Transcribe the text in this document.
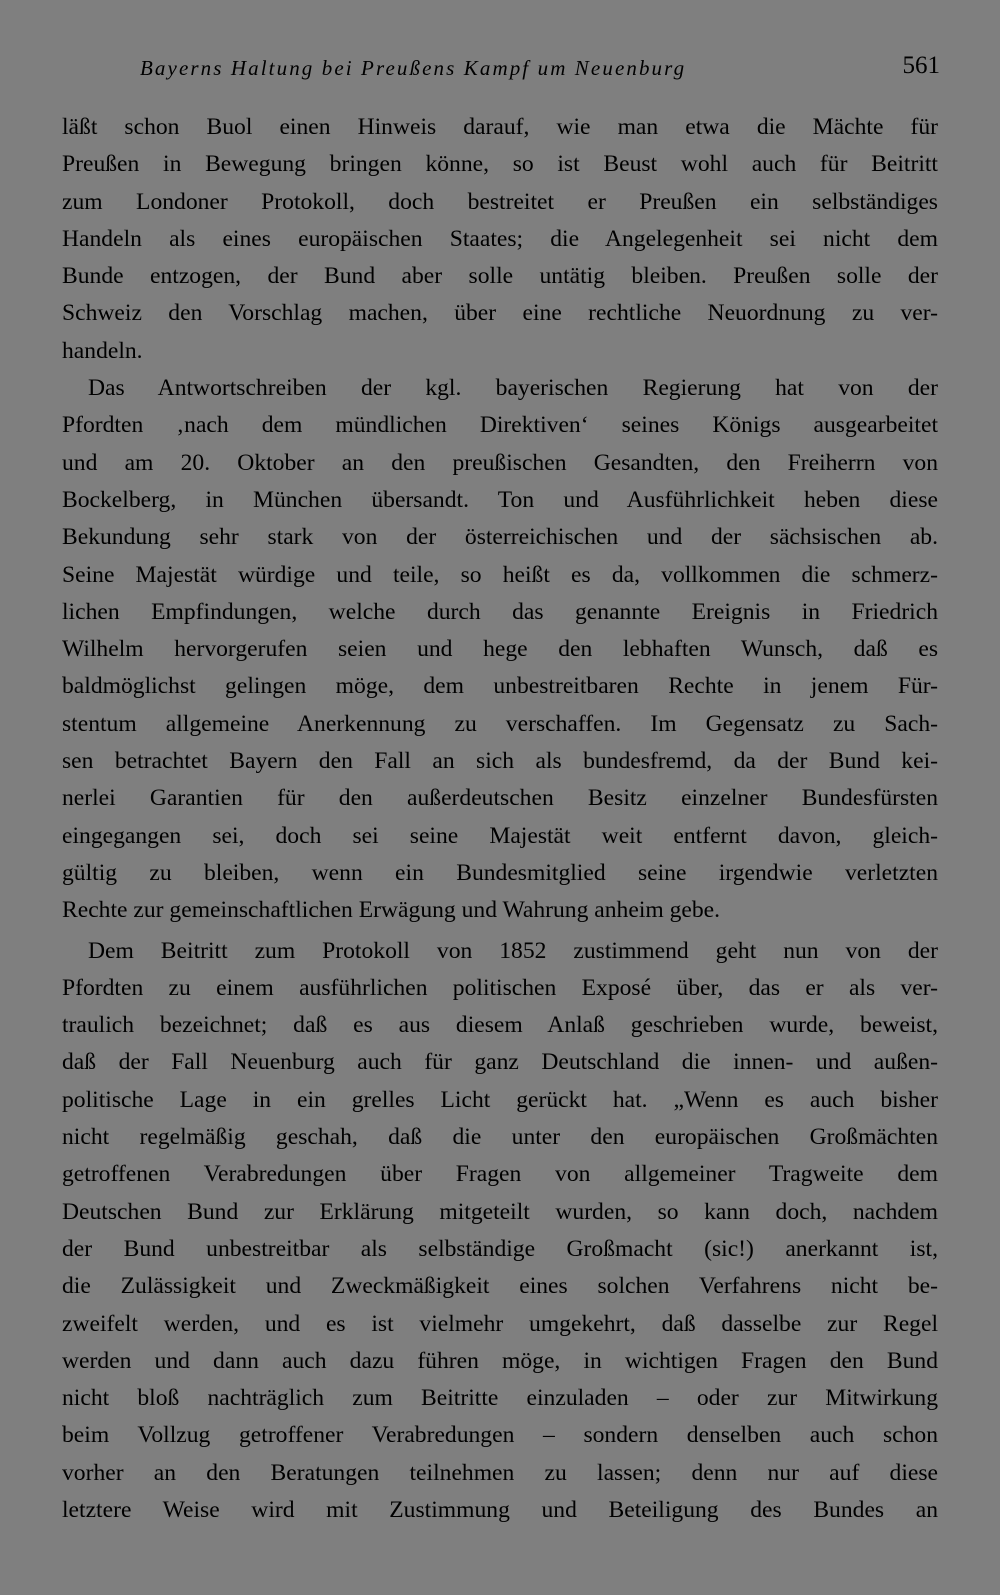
Bayerns Haltung bei Preußens Kampf um Neuenburg	561
läßt schon Buol einen Hinweis darauf, wie man etwa die Mächte für
Preußen in Bewegung bringen könne, so ist Beust wohl auch für Beitritt
zum Londoner Protokoll, doch bestreitet er Preußen ein selbständiges
Handeln als eines europäischen Staates; die Angelegenheit sei nicht dem
Bunde entzogen, der Bund aber solle untätig bleiben. Preußen solle der
Schweiz den Vorschlag machen, über eine rechtliche Neuordnung zu ver-
handeln.
Das Antwortschreiben der kgl. bayerischen Regierung hat von der
Pfordten ‚nach dem mündlichen Direktiven‘ seines Königs ausgearbeitet
und am 20. Oktober an den preußischen Gesandten, den Freiherrn von
Bockelberg, in München übersandt. Ton und Ausführlichkeit heben diese
Bekundung sehr stark von der österreichischen und der sächsischen ab.
Seine Majestät würdige und teile, so heißt es da, vollkommen die schmerz-
lichen Empfindungen, welche durch das genannte Ereignis in Friedrich
Wilhelm hervorgerufen seien und hege den lebhaften Wunsch, daß es
baldmöglichst gelingen möge, dem unbestreitbaren Rechte in jenem Für-
stentum allgemeine Anerkennung zu verschaffen. Im Gegensatz zu Sach-
sen betrachtet Bayern den Fall an sich als bundesfremd, da der Bund kei-
nerlei Garantien für den außerdeutschen Besitz einzelner Bundesfürsten
eingegangen sei, doch sei seine Majestät weit entfernt davon, gleich-
gültig zu bleiben, wenn ein Bundesmitglied seine irgendwie verletzten
Rechte zur gemeinschaftlichen Erwägung und Wahrung anheim gebe.
Dem Beitritt zum Protokoll von 1852 zustimmend geht nun von der
Pfordten zu einem ausführlichen politischen Exposé über, das er als ver-
traulich bezeichnet; daß es aus diesem Anlaß geschrieben wurde, beweist,
daß der Fall Neuenburg auch für ganz Deutschland die innen- und außen-
politische Lage in ein grelles Licht gerückt hat. „Wenn es auch bisher
nicht regelmäßig geschah, daß die unter den europäischen Großmächten
getroffenen Verabredungen über Fragen von allgemeiner Tragweite dem
Deutschen Bund zur Erklärung mitgeteilt wurden, so kann doch, nachdem
der Bund unbestreitbar als selbständige Großmacht (sic!) anerkannt ist,
die Zulässigkeit und Zweckmäßigkeit eines solchen Verfahrens nicht be-
zweifelt werden, und es ist vielmehr umgekehrt, daß dasselbe zur Regel
werden und dann auch dazu führen möge, in wichtigen Fragen den Bund
nicht bloß nachträglich zum Beitritte einzuladen – oder zur Mitwirkung
beim Vollzug getroffener Verabredungen – sondern denselben auch schon
vorher an den Beratungen teilnehmen zu lassen; denn nur auf diese
letztere Weise wird mit Zustimmung und Beteiligung des Bundes an
